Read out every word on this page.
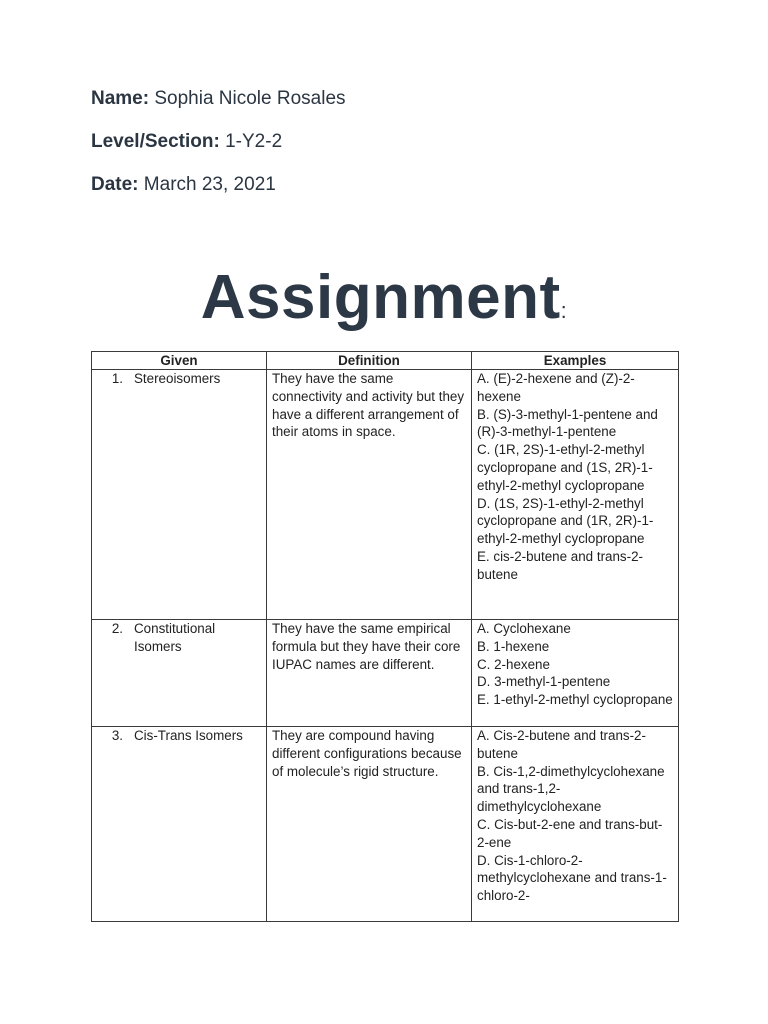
Name: Sophia Nicole Rosales
Level/Section: 1-Y2-2
Date: March 23, 2021
Assignment:
Given	Definition	Examples

1. Stereoisomers	They have the same connectivity and activity but they have a different arrangement of their atoms in space.	A. (E)-2-hexene and (Z)-2-hexene
B. (S)-3-methyl-1-pentene and (R)-3-methyl-1-pentene
C. (1R, 2S)-1-ethyl-2-methyl cyclopropane and (1S, 2R)-1-ethyl-2-methyl cyclopropane
D. (1S, 2S)-1-ethyl-2-methyl cyclopropane and (1R, 2R)-1-ethyl-2-methyl cyclopropane
E. cis-2-butene and trans-2-butene

2. Constitutional Isomers	They have the same empirical formula but they have their core IUPAC names are different.	A. Cyclohexane
B. 1-hexene
C. 2-hexene
D. 3-methyl-1-pentene
E. 1-ethyl-2-methyl cyclopropane

3. Cis-Trans Isomers	They are compound having different configurations because of molecule’s rigid structure.	A. Cis-2-butene and trans-2-butene
B. Cis-1,2-dimethylcyclohexane and trans-1,2-dimethylcyclohexane
C. Cis-but-2-ene and trans-but-2-ene
D. Cis-1-chloro-2-methylcyclohexane and trans-1-chloro-2-
